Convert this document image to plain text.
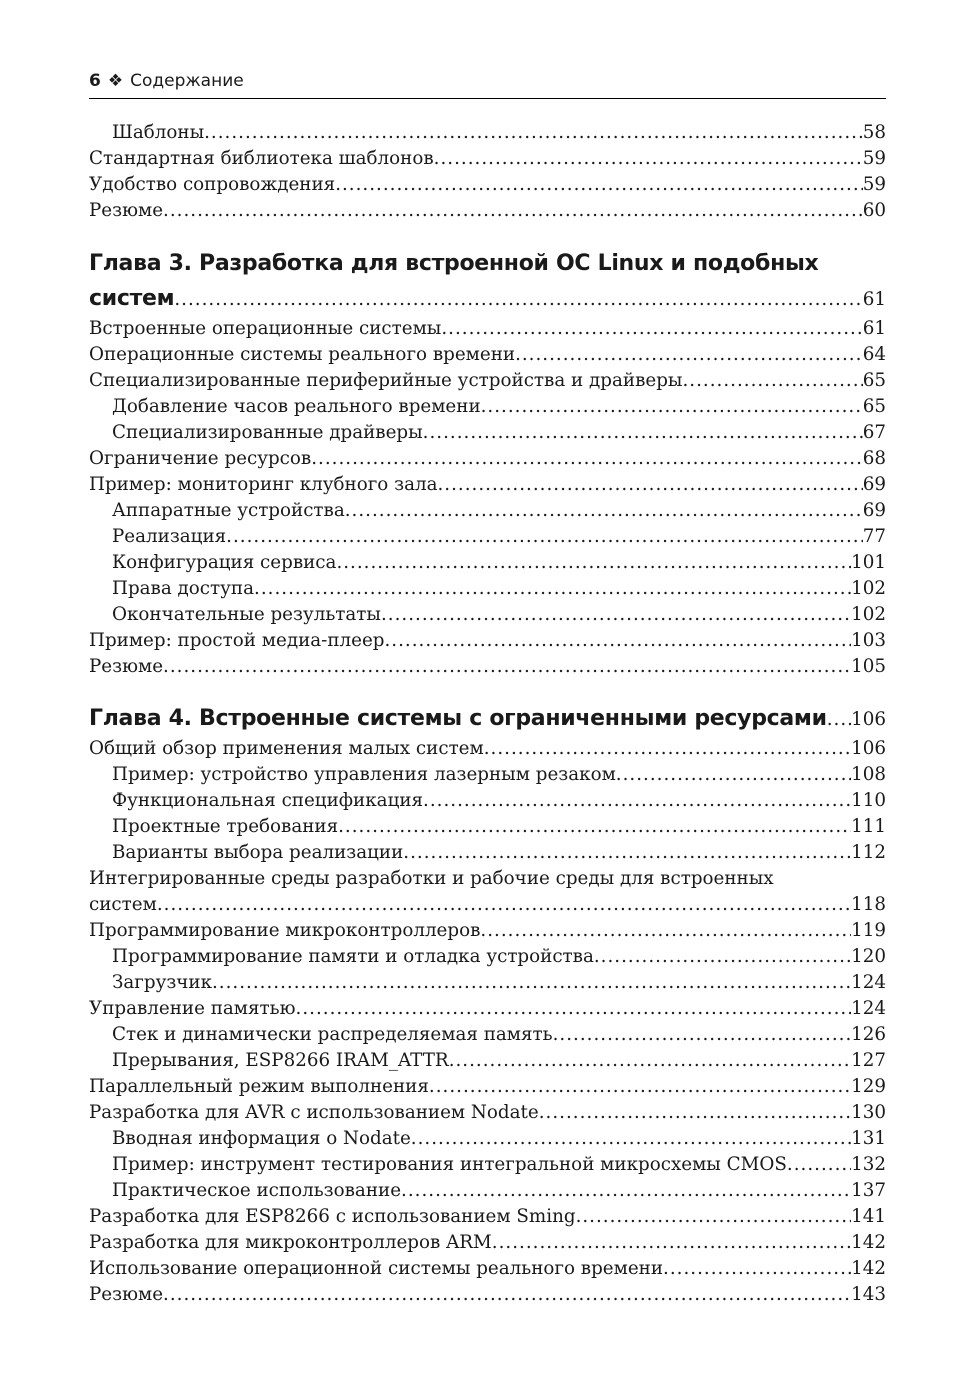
6 ❖ Содержание
Шаблоны .....	58
Стандартная библиотека шаблонов .....	59
Удобство сопровождения .....	59
Резюме .....	60
Глава 3. Разработка для встроенной ОС Linux и подобных
систем .....	61
Встроенные операционные системы .....	61
Операционные системы реального времени .....	64
Специализированные периферийные устройства и драйверы .....	65
Добавление часов реального времени .....	65
Специализированные драйверы .....	67
Ограничение ресурсов .....	68
Пример: мониторинг клубного зала .....	69
Аппаратные устройства .....	69
Реализация .....	77
Конфигурация сервиса .....	101
Права доступа .....	102
Окончательные результаты .....	102
Пример: простой медиа-плеер .....	103
Резюме .....	105
Глава 4. Встроенные системы с ограниченными ресурсами ..... 106
Общий обзор применения малых систем .....	106
Пример: устройство управления лазерным резаком .....	108
Функциональная спецификация .....	110
Проектные требования .....	111
Варианты выбора реализации .....	112
Интегрированные среды разработки и рабочие среды для встроенных
систем .....	118
Программирование микроконтроллеров .....	119
Программирование памяти и отладка устройства .....	120
Загрузчик .....	124
Управление памятью .....	124
Стек и динамически распределяемая память .....	126
Прерывания, ESP8266 IRAM_ATTR .....	127
Параллельный режим выполнения .....	129
Разработка для AVR с использованием Nodate .....	130
Вводная информация о Nodate .....	131
Пример: инструмент тестирования интегральной микросхемы CMOS .....	132
Практическое использование .....	137
Разработка для ESP8266 с использованием Sming .....	141
Разработка для микроконтроллеров ARM .....	142
Использование операционной системы реального времени .....	142
Резюме .....	143
